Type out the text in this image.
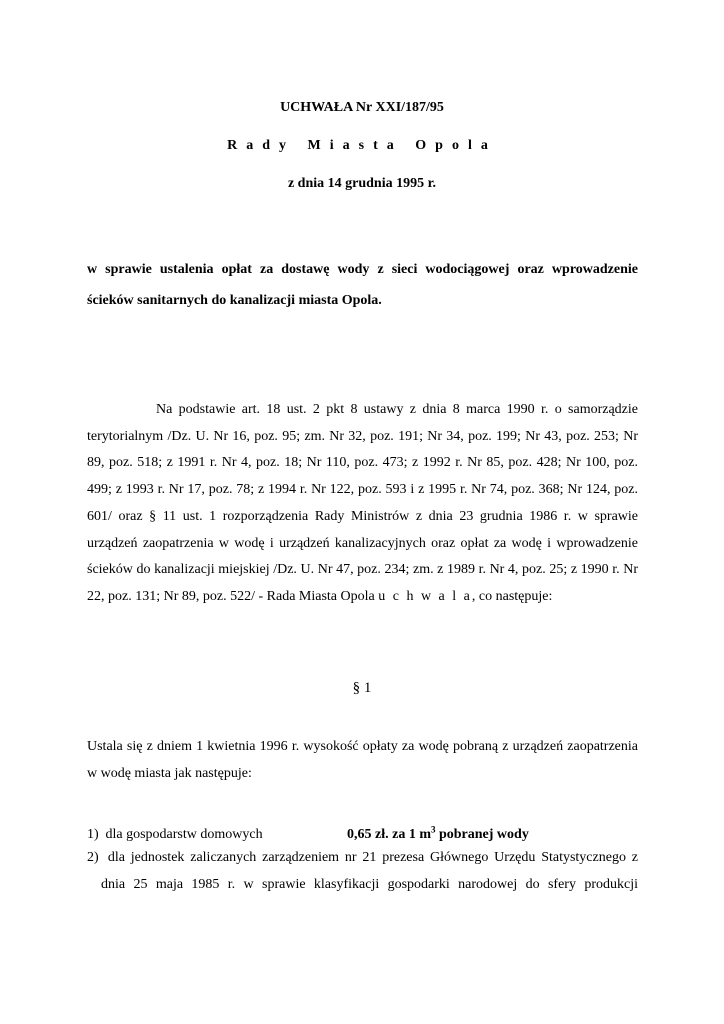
UCHWAŁA Nr XXI/187/95
Rady Miasta Opola
z dnia 14 grudnia 1995 r.
w sprawie ustalenia opłat za dostawę wody z sieci wodociągowej oraz wprowadzenie ścieków sanitarnych do kanalizacji miasta Opola.
Na podstawie art. 18 ust. 2 pkt 8 ustawy z dnia 8 marca 1990 r. o samorządzie terytorialnym /Dz. U. Nr 16, poz. 95; zm. Nr 32, poz. 191; Nr 34, poz. 199; Nr 43, poz. 253; Nr 89, poz. 518; z 1991 r. Nr 4, poz. 18; Nr 110, poz. 473; z 1992 r. Nr 85, poz. 428; Nr 100, poz. 499; z 1993 r. Nr 17, poz. 78; z 1994 r. Nr 122, poz. 593 i z 1995 r. Nr 74, poz. 368; Nr 124, poz. 601/ oraz § 11 ust. 1 rozporządzenia Rady Ministrów z dnia 23 grudnia 1986 r. w sprawie urządzeń zaopatrzenia w wodę i urządzeń kanalizacyjnych oraz opłat za wodę i wprowadzenie ścieków do kanalizacji miejskiej /Dz. U. Nr 47, poz. 234; zm. z 1989 r. Nr 4, poz. 25; z 1990 r. Nr 22, poz. 131; Nr 89, poz. 522/ - Rada Miasta Opola u c h w a l a, co następuje:
§ 1
Ustala się z dniem 1 kwietnia 1996 r. wysokość opłaty za wodę pobraną z urządzeń zaopatrzenia w wodę miasta jak następuje:
1) dla gospodarstw domowych	0,65 zł. za 1 $m^3$ pobranej wody
2) dla jednostek zaliczanych zarządzeniem nr 21 prezesa Głównego Urzędu Statystycznego z
dnia 25 maja 1985 r. w sprawie klasyfikacji gospodarki narodowej do sfery produkcji
